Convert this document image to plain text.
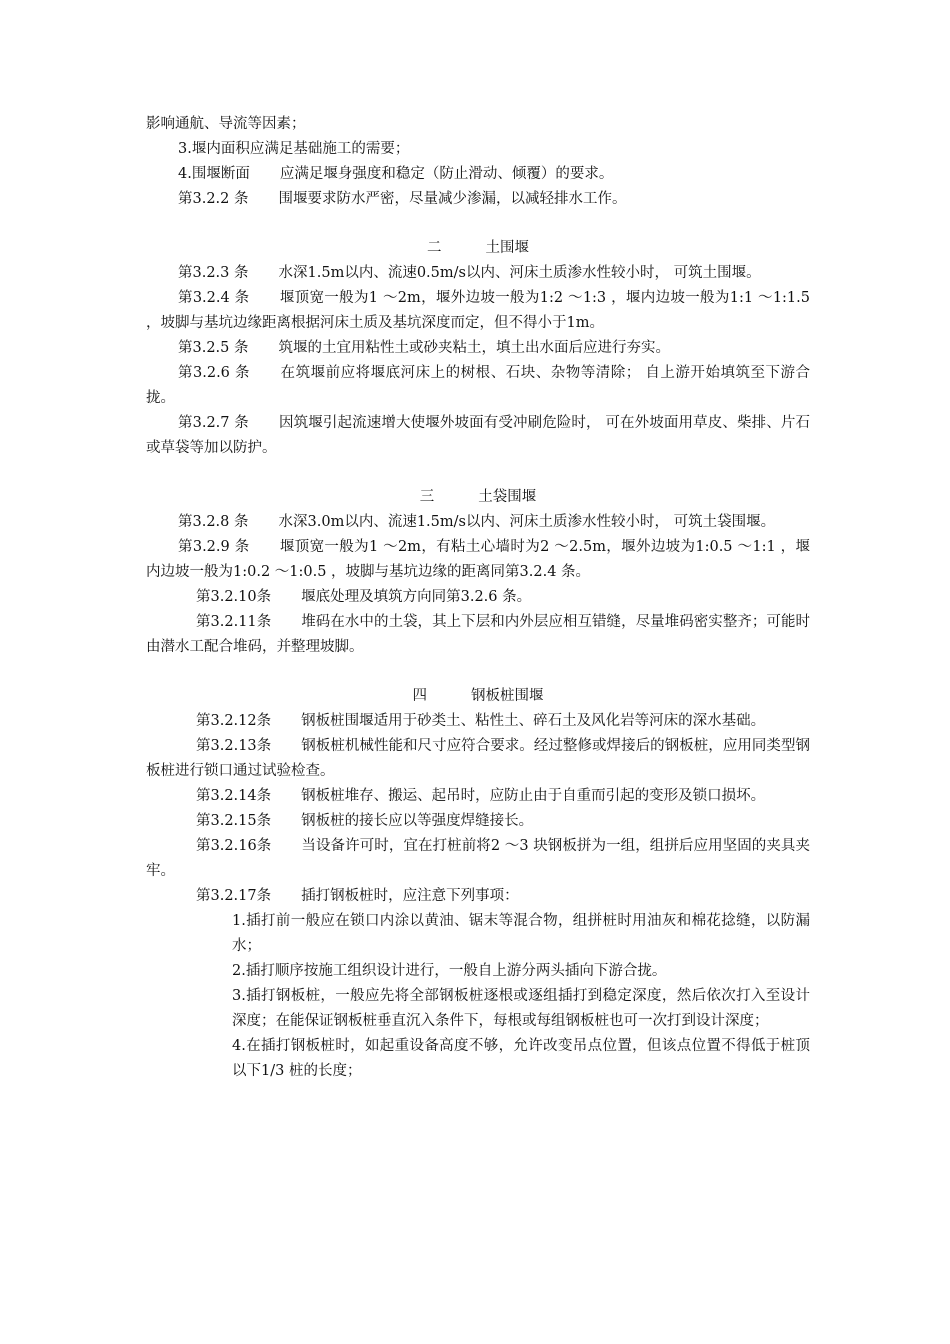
影响通航、导流等因素；

3.堰内面积应满足基础施工的需要；

4.围堰断面 应满足堰身强度和稳定（防止滑动、倾覆）的要求。

第3.2.2 条 围堰要求防水严密，尽量减少渗漏，以减轻排水工作。

二	土围堰

第3.2.3 条 水深1.5m以内、流速0.5m/s以内、河床土质渗水性较小时， 可筑土围堰。

第3.2.4 条 堰顶宽一般为1 ～2m，堰外边坡一般为1:2 ～1:3 ，堰内边坡一般为1:1 ～1:1.5 ，坡脚与基坑边缘距离根据河床土质及基坑深度而定，但不得小于1m。

第3.2.5 条 筑堰的土宜用粘性土或砂夹粘土，填土出水面后应进行夯实。

第3.2.6 条 在筑堰前应将堰底河床上的树根、石块、杂物等清除； 自上游开始填筑至下游合拢。

第3.2.7 条 因筑堰引起流速增大使堰外坡面有受冲刷危险时， 可在外坡面用草皮、柴排、片石或草袋等加以防护。

三	土袋围堰

第3.2.8 条 水深3.0m以内、流速1.5m/s以内、河床土质渗水性较小时， 可筑土袋围堰。

第3.2.9 条 堰顶宽一般为1 ～2m，有粘土心墙时为2 ～2.5m，堰外边坡为1:0.5 ～1:1 ，堰内边坡一般为1:0.2 ～1:0.5 ，坡脚与基坑边缘的距离同第3.2.4 条。

第3.2.10条 堰底处理及填筑方向同第3.2.6 条。

第3.2.11条 堆码在水中的土袋，其上下层和内外层应相互错缝，尽量堆码密实整齐；可能时由潜水工配合堆码，并整理坡脚。

四	钢板桩围堰

第3.2.12条 钢板桩围堰适用于砂类土、粘性土、碎石土及风化岩等河床的深水基础。

第3.2.13条 钢板桩机械性能和尺寸应符合要求。经过整修或焊接后的钢板桩，应用同类型钢板桩进行锁口通过试验检查。

第3.2.14条 钢板桩堆存、搬运、起吊时，应防止由于自重而引起的变形及锁口损坏。

第3.2.15条 钢板桩的接长应以等强度焊缝接长。

第3.2.16条 当设备许可时，宜在打桩前将2 ～3 块钢板拼为一组，组拼后应用坚固的夹具夹牢。

第3.2.17条 插打钢板桩时，应注意下列事项：

1.插打前一般应在锁口内涂以黄油、锯末等混合物，组拼桩时用油灰和棉花捻缝，以防漏水；

2.插打顺序按施工组织设计进行，一般自上游分两头插向下游合拢。

3.插打钢板桩，一般应先将全部钢板桩逐根或逐组插打到稳定深度，然后依次打入至设计深度；在能保证钢板桩垂直沉入条件下，每根或每组钢板桩也可一次打到设计深度；

4.在插打钢板桩时，如起重设备高度不够，允许改变吊点位置，但该点位置不得低于桩顶以下1/3 桩的长度；
